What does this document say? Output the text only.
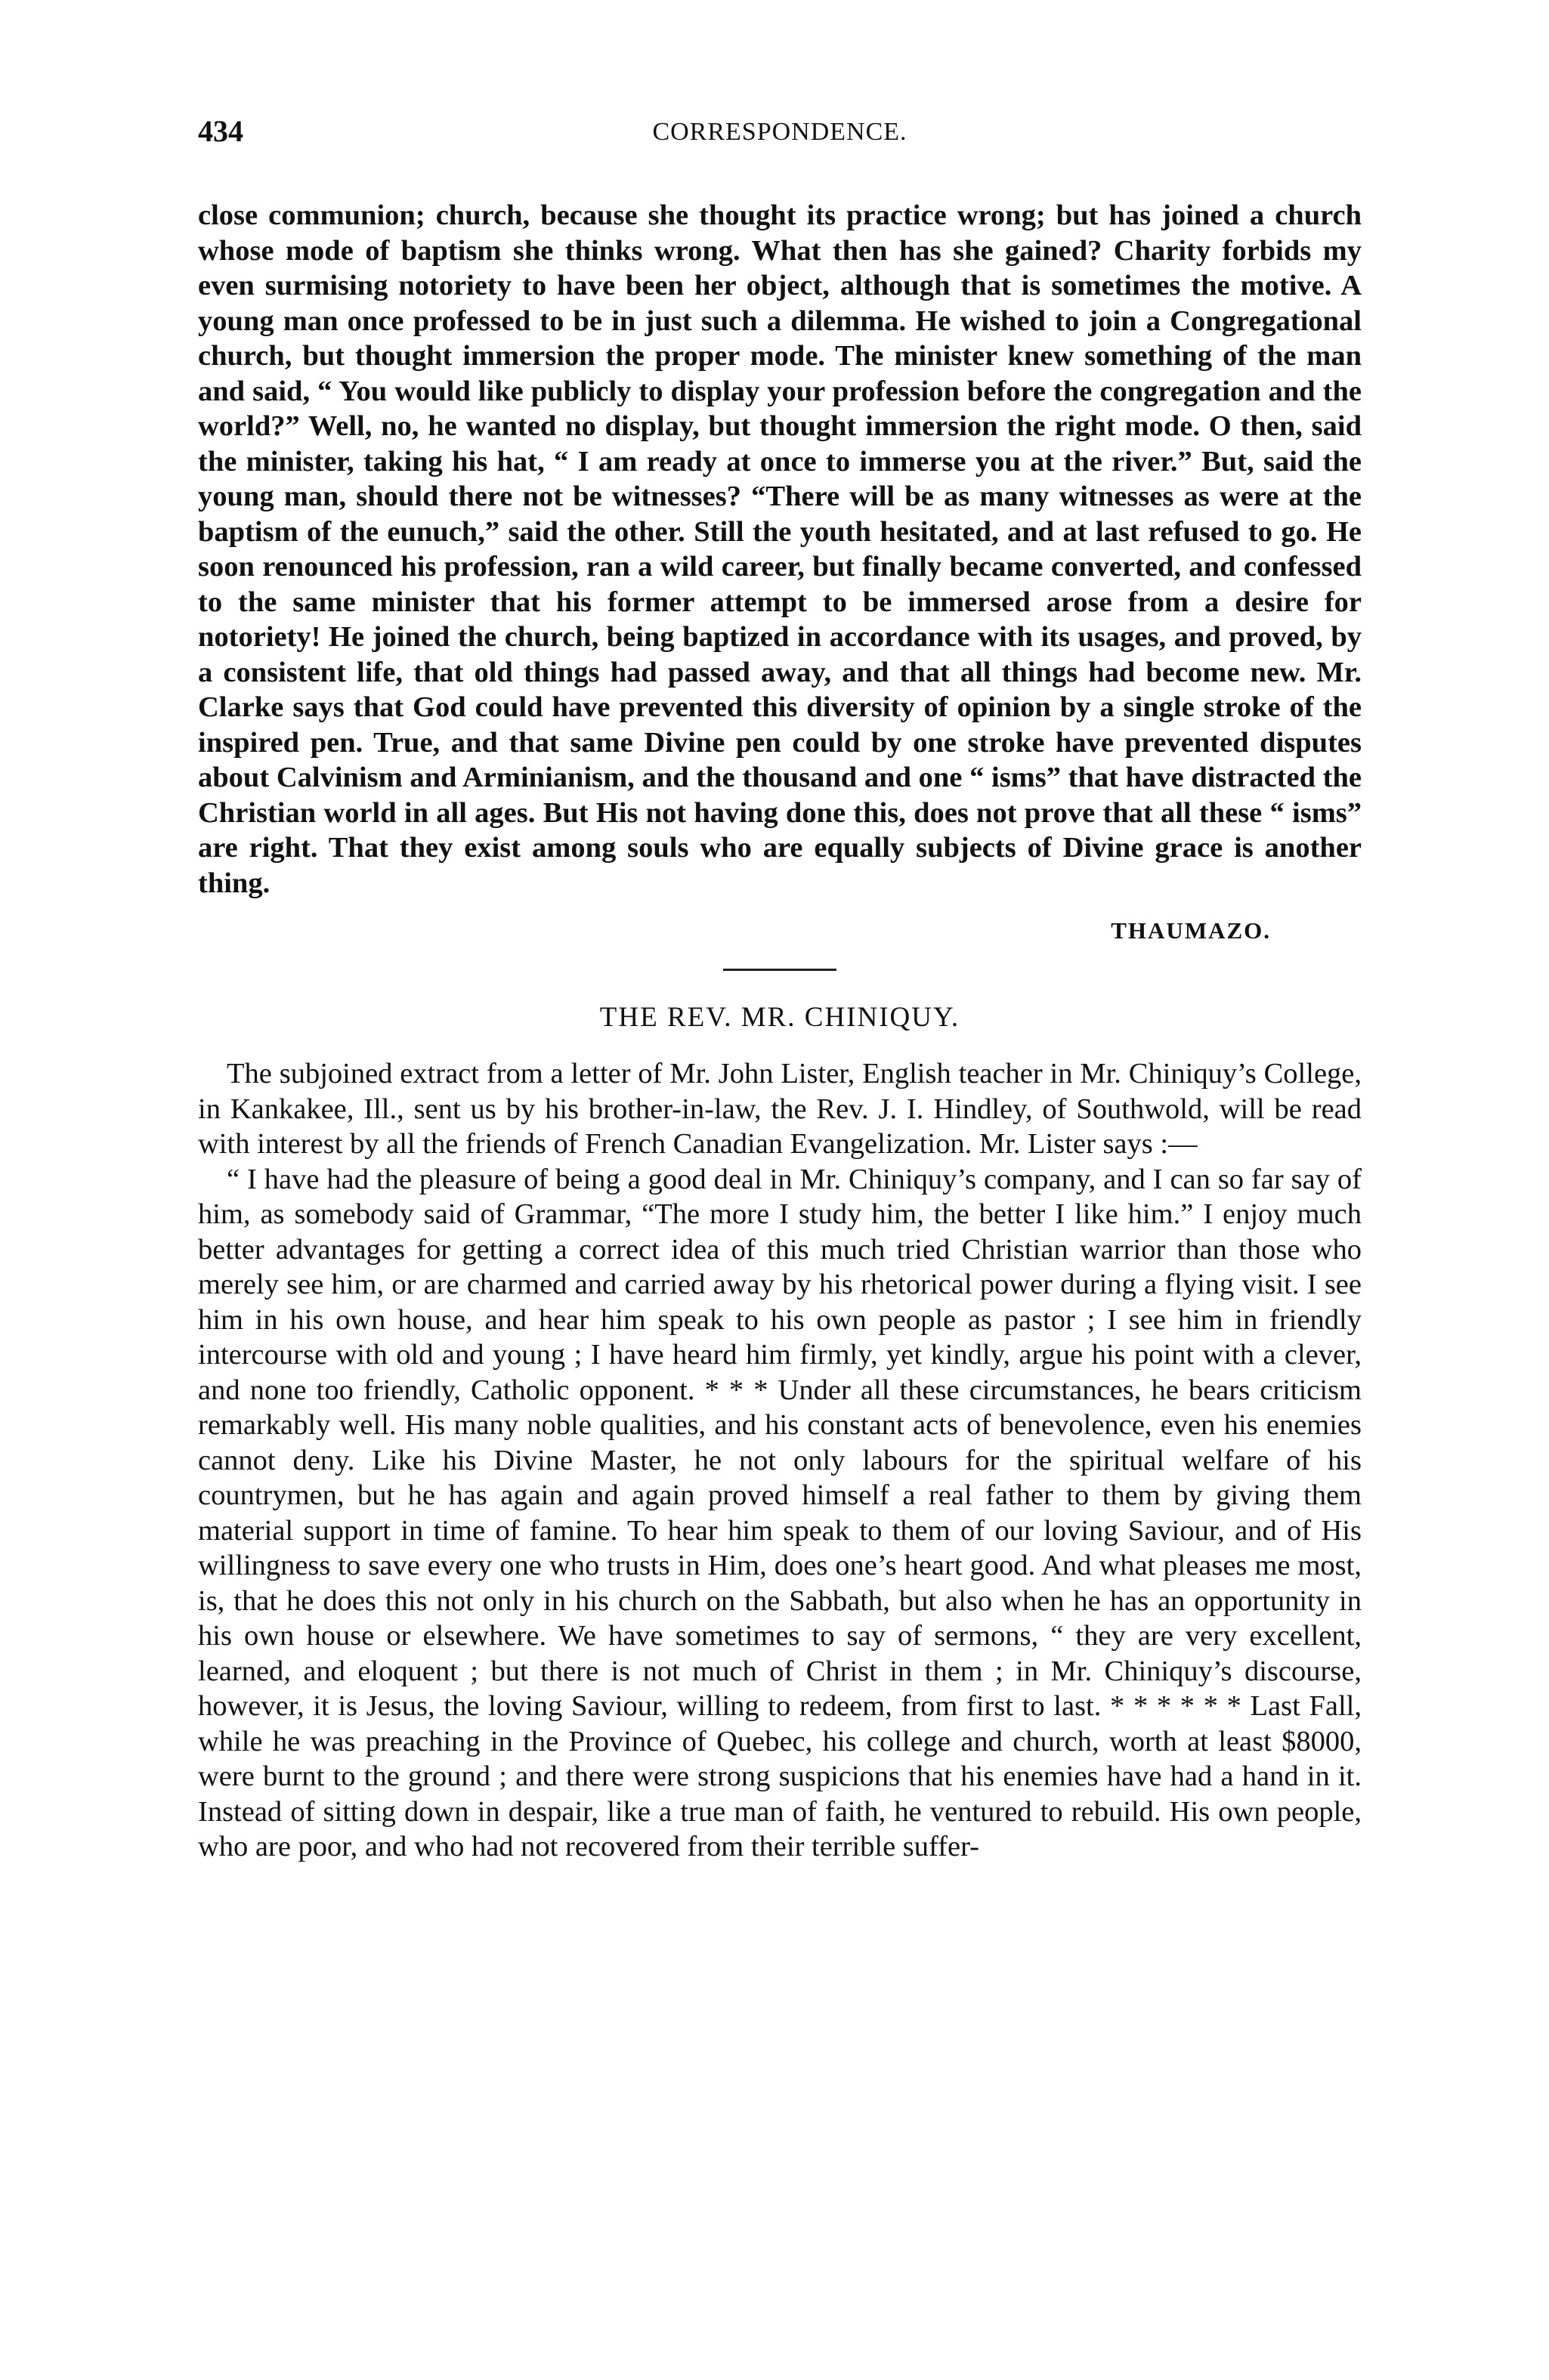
434	CORRESPONDENCE.

close communion; church, because she thought its practice wrong; but has joined a church whose mode of baptism she thinks wrong. What then has she gained? Charity forbids my even surmising notoriety to have been her object, although that is sometimes the motive. A young man once professed to be in just such a dilemma. He wished to join a Congregational church, but thought immersion the proper mode. The minister knew something of the man and said, “ You would like publicly to display your profession before the congregation and the world?” Well, no, he wanted no display, but thought immersion the right mode. O then, said the minister, taking his hat, “ I am ready at once to immerse you at the river.” But, said the young man, should there not be witnesses? “There will be as many witnesses as were at the baptism of the eunuch,” said the other. Still the youth hesitated, and at last refused to go. He soon renounced his profession, ran a wild career, but finally became converted, and confessed to the same minister that his former attempt to be immersed arose from a desire for notoriety! He joined the church, being baptized in accordance with its usages, and proved, by a consistent life, that old things had passed away, and that all things had become new. Mr. Clarke says that God could have prevented this diversity of opinion by a single stroke of the inspired pen. True, and that same Divine pen could by one stroke have prevented disputes about Calvinism and Arminianism, and the thousand and one “ isms” that have distracted the Christian world in all ages. But His not having done this, does not prove that all these “ isms” are right. That they exist among souls who are equally subjects of Divine grace is another thing.

THAUMAZO.
THE REV. MR. CHINIQUY.

The subjoined extract from a letter of Mr. John Lister, English teacher in Mr. Chiniquy’s College, in Kankakee, Ill., sent us by his brother-in-law, the Rev. J. I. Hindley, of Southwold, will be read with interest by all the friends of French Canadian Evangelization. Mr. Lister says :—

“ I have had the pleasure of being a good deal in Mr. Chiniquy’s company, and I can so far say of him, as somebody said of Grammar, “The more I study him, the better I like him.” I enjoy much better advantages for getting a correct idea of this much tried Christian warrior than those who merely see him, or are charmed and carried away by his rhetorical power during a flying visit. I see him in his own house, and hear him speak to his own people as pastor ; I see him in friendly intercourse with old and young ; I have heard him firmly, yet kindly, argue his point with a clever, and none too friendly, Catholic opponent. * * * Under all these circumstances, he bears criticism remarkably well. His many noble qualities, and his constant acts of benevolence, even his enemies cannot deny. Like his Divine Master, he not only labours for the spiritual welfare of his countrymen, but he has again and again proved himself a real father to them by giving them material support in time of famine. To hear him speak to them of our loving Saviour, and of His willingness to save every one who trusts in Him, does one’s heart good. And what pleases me most, is, that he does this not only in his church on the Sabbath, but also when he has an opportunity in his own house or elsewhere. We have sometimes to say of sermons, “ they are very excellent, learned, and eloquent ; but there is not much of Christ in them ; in Mr. Chiniquy’s discourse, however, it is Jesus, the loving Saviour, willing to redeem, from first to last. * * * * * * Last Fall, while he was preaching in the Province of Quebec, his college and church, worth at least $8000, were burnt to the ground ; and there were strong suspicions that his enemies have had a hand in it. Instead of sitting down in despair, like a true man of faith, he ventured to rebuild. His own people, who are poor, and who had not recovered from their terrible suffer-
